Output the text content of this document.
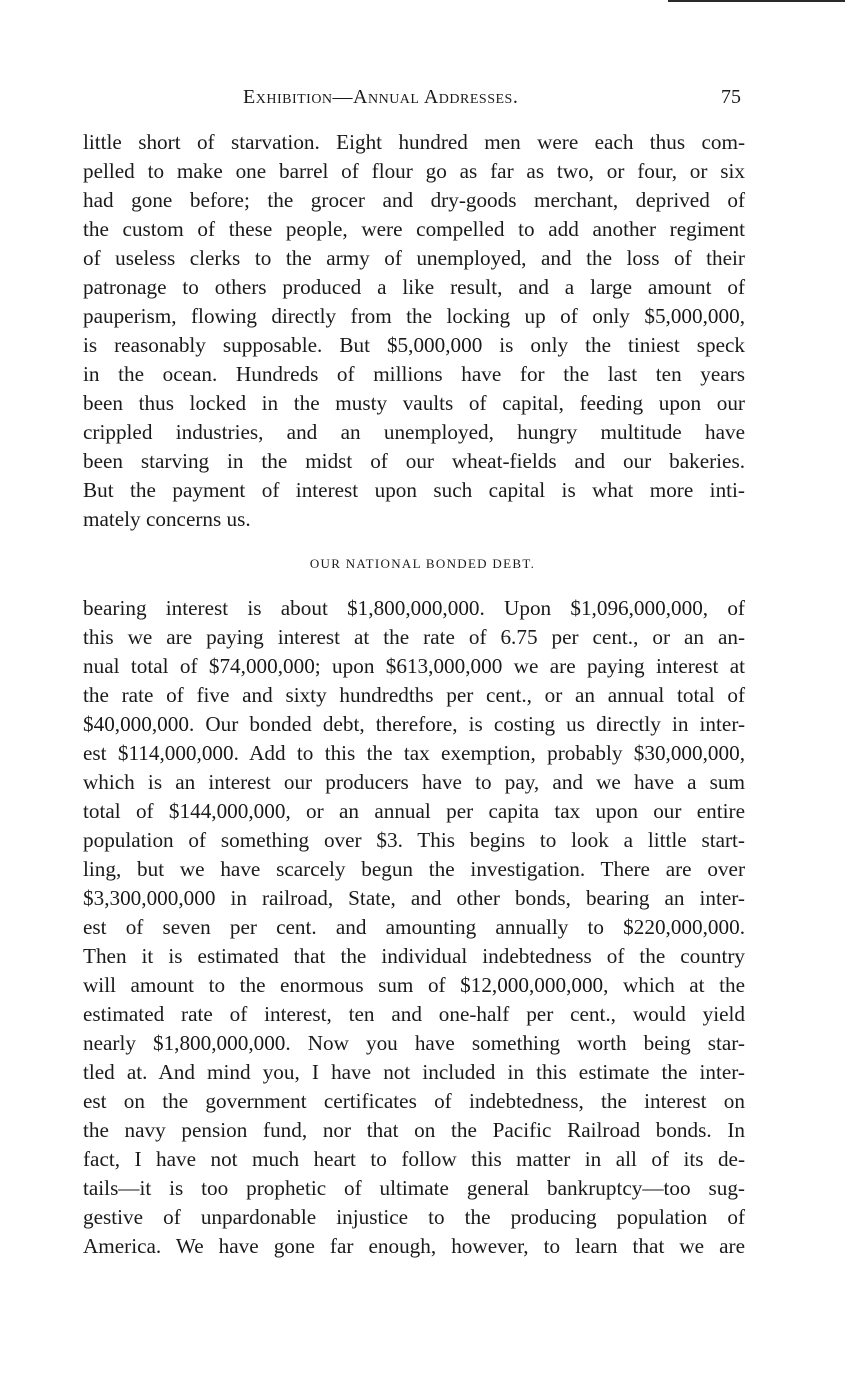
Exhibition—Annual Addresses.	75
little short of starvation. Eight hundred men were each thus com-
pelled to make one barrel of flour go as far as two, or four, or six
had gone before; the grocer and dry-goods merchant, deprived of
the custom of these people, were compelled to add another regiment
of useless clerks to the army of unemployed, and the loss of their
patronage to others produced a like result, and a large amount of
pauperism, flowing directly from the locking up of only $5,000,000,
is reasonably supposable. But $5,000,000 is only the tiniest speck
in the ocean. Hundreds of millions have for the last ten years
been thus locked in the musty vaults of capital, feeding upon our
crippled industries, and an unemployed, hungry multitude have
been starving in the midst of our wheat-fields and our bakeries.
But the payment of interest upon such capital is what more inti-
mately concerns us.
OUR NATIONAL BONDED DEBT.
bearing interest is about $1,800,000,000. Upon $1,096,000,000, of
this we are paying interest at the rate of 6.75 per cent., or an an-
nual total of $74,000,000; upon $613,000,000 we are paying interest at
the rate of five and sixty hundredths per cent., or an annual total of
$40,000,000. Our bonded debt, therefore, is costing us directly in inter-
est $114,000,000. Add to this the tax exemption, probably $30,000,000,
which is an interest our producers have to pay, and we have a sum
total of $144,000,000, or an annual per capita tax upon our entire
population of something over $3. This begins to look a little start-
ling, but we have scarcely begun the investigation. There are over
$3,300,000,000 in railroad, State, and other bonds, bearing an inter-
est of seven per cent. and amounting annually to $220,000,000.
Then it is estimated that the individual indebtedness of the country
will amount to the enormous sum of $12,000,000,000, which at the
estimated rate of interest, ten and one-half per cent., would yield
nearly $1,800,000,000. Now you have something worth being star-
tled at. And mind you, I have not included in this estimate the inter-
est on the government certificates of indebtedness, the interest on
the navy pension fund, nor that on the Pacific Railroad bonds. In
fact, I have not much heart to follow this matter in all of its de-
tails—it is too prophetic of ultimate general bankruptcy—too sug-
gestive of unpardonable injustice to the producing population of
America. We have gone far enough, however, to learn that we are
